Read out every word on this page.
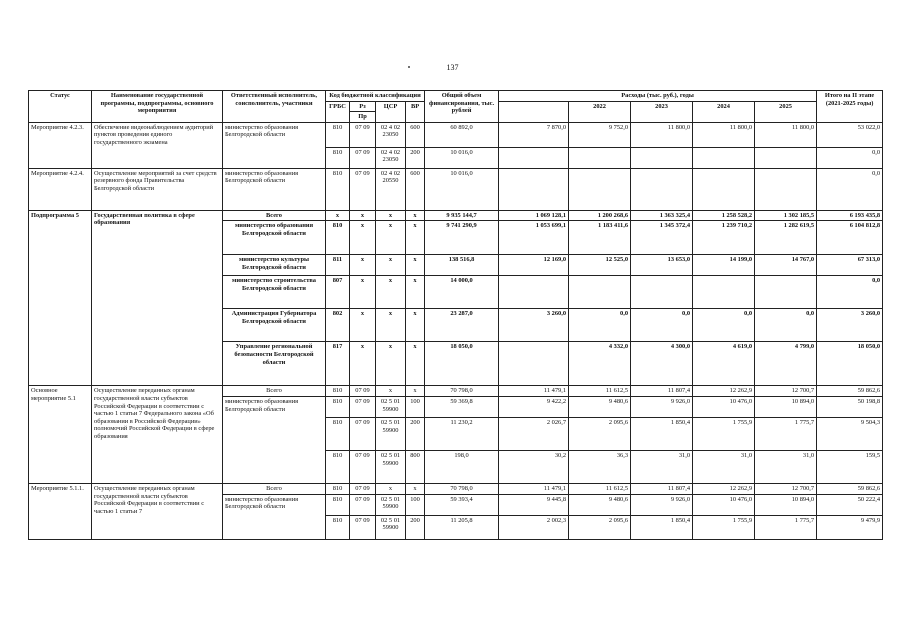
137
Статус	Наименование государственной программы, подпрограммы, основного мероприятия	Ответственный исполнитель, соисполнитель, участники	Код бюджетной классификации				Общий объем финансирования, тыс. рублей	Расходы (тыс. руб.), годы					Итого на II этапе (2021-2025 годы)
			ГРБС	Рз	ЦСР	ВР			2022	2023	2024	2025	
				Пр									
Мероприятие 4.2.3.	Обеспечение видеонаблюдением аудиторий пунктов проведения единого государственного экзамена	министерство образования Белгородской области	810	07 09	02 4 02 23050	600	60 892,0	7 870,0	9 752,0	11 800,0	11 800,0	11 800,0	53 022,0
			810	07 09	02 4 02 23050	200	10 016,0						0,0
Мероприятие 4.2.4.	Осуществление мероприятий за счет средств резервного фонда Правительства Белгородской области	министерство образования Белгородской области	810	07 09	02 4 02 20550	600	10 016,0						0,0
Подпрограмма 5	Государственная политика в сфере образования	Всего	x	x	x	x	9 935 144,7	1 069 128,1	1 200 268,6	1 363 325,4	1 258 528,2	1 302 185,5	6 193 435,8
		министерство образования Белгородской области	810	x	x	x	9 741 290,9	1 053 699,1	1 183 411,6	1 345 372,4	1 239 710,2	1 282 619,5	6 104 812,8
		министерство культуры Белгородской области	811	x	x	x	138 516,8	12 169,0	12 525,0	13 653,0	14 199,0	14 767,0	67 313,0
		министерство строительства Белгородской области	807	x	x	x	14 000,0						0,0
		Администрация Губернатора Белгородской области	802	x	x	x	23 287,0	3 260,0	0,0	0,0	0,0	0,0	3 260,0
		Управление региональной безопасности Белгородской области	817	x	x	x	18 050,0		4 332,0	4 300,0	4 619,0	4 799,0	18 050,0
Основное мероприятие 5.1	Осуществление переданных органам государственной власти субъектов Российской Федерации в соответствии с частью 1 статьи 7 Федерального закона «Об образовании в Российской Федерации» полномочий Российской Федерации в сфере образования	Всего	810	07 09	x	x	70 798,0	11 479,1	11 612,5	11 807,4	12 262,9	12 700,7	59 862,6
		министерство образования Белгородской области	810	07 09	02 5 01 59900	100	59 369,8	9 422,2	9 480,6	9 926,0	10 476,0	10 894,0	50 198,8
			810	07 09	02 5 01 59900	200	11 230,2	2 026,7	2 095,6	1 850,4	1 755,9	1 775,7	9 504,3
			810	07 09	02 5 01 59900	800	198,0	30,2	36,3	31,0	31,0	31,0	159,5
Мероприятие 5.1.1.	Осуществление переданных органам государственной власти субъектов Российской Федерации в соответствии с частью 1 статьи 7	Всего	810	07 09	x	x	70 798,0	11 479,1	11 612,5	11 807,4	12 262,9	12 700,7	59 862,6
		министерство образования Белгородской области	810	07 09	02 5 01 59900	100	59 393,4	9 445,8	9 480,6	9 926,0	10 476,0	10 894,0	50 222,4
			810	07 09	02 5 01 59900	200	11 205,8	2 002,3	2 095,6	1 850,4	1 755,9	1 775,7	9 479,9
